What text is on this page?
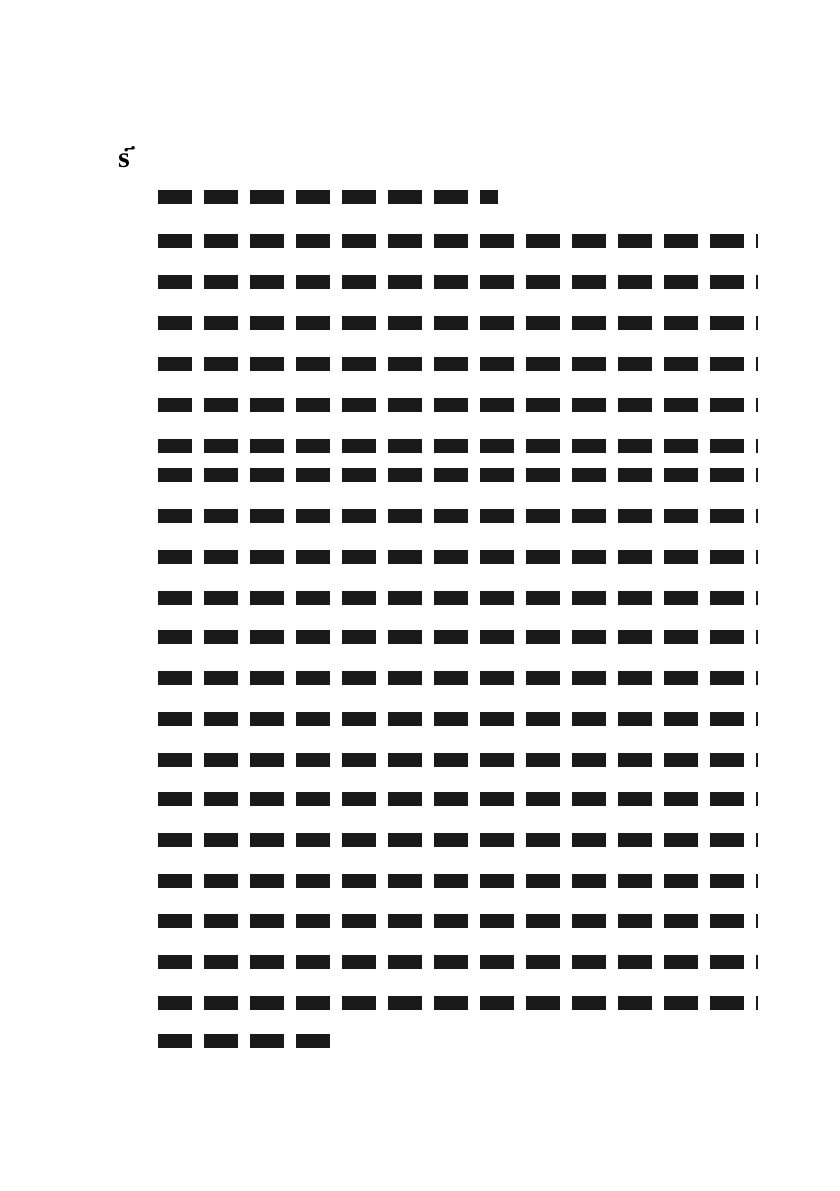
ѕ҃
